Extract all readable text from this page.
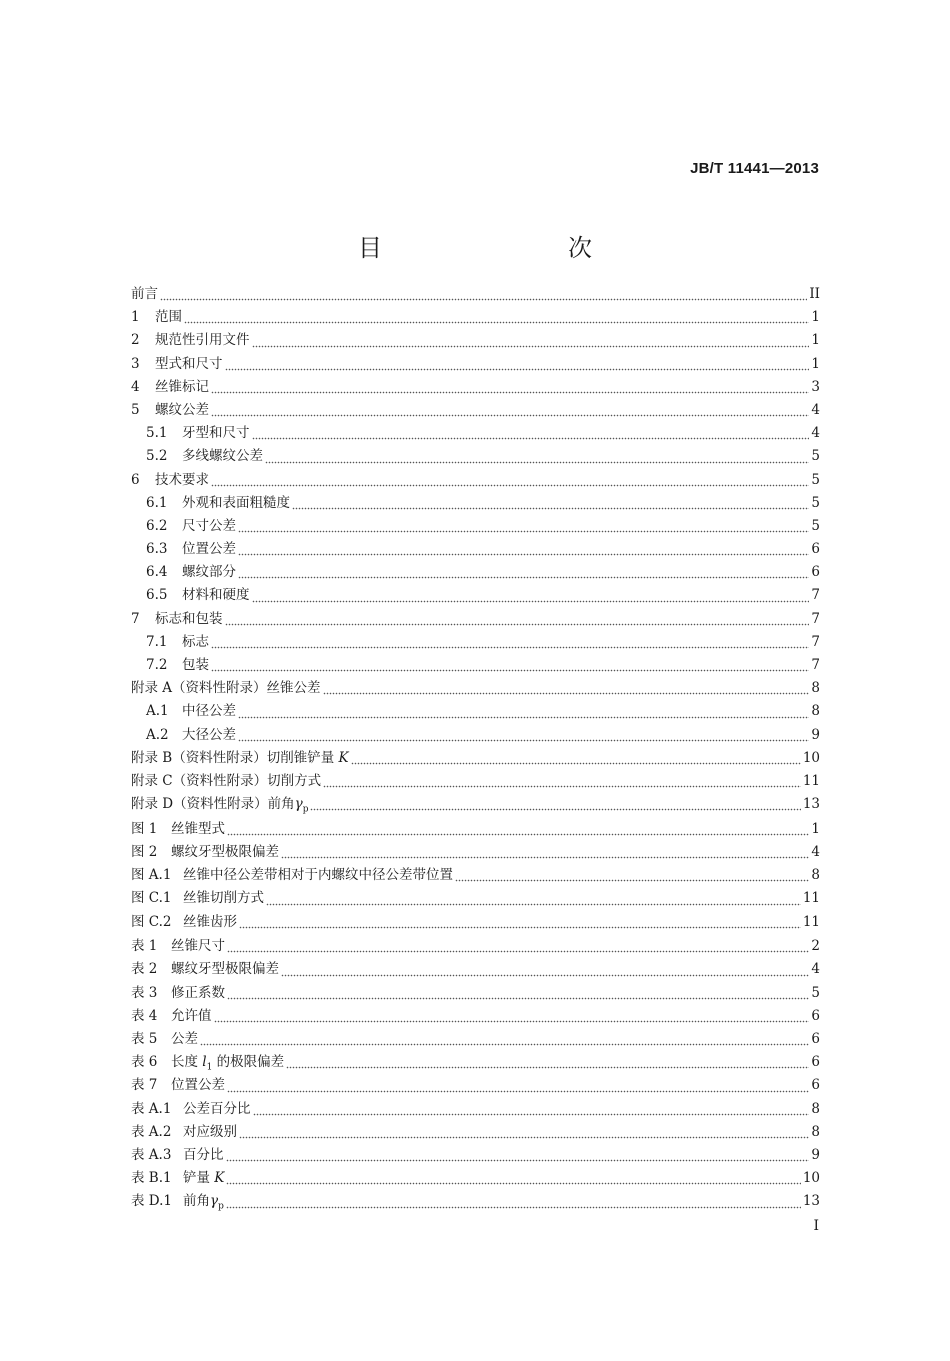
JB/T 11441—2013
目　　次
前言	II
1	范围	1
2	规范性引用文件	1
3	型式和尺寸	1
4	丝锥标记	3
5	螺纹公差	4
5.1	牙型和尺寸	4
5.2	多线螺纹公差	5
6	技术要求	5
6.1	外观和表面粗糙度	5
6.2	尺寸公差	5
6.3	位置公差	6
6.4	螺纹部分	6
6.5	材料和硬度	7
7	标志和包装	7
7.1	标志	7
7.2	包装	7
附录 A（资料性附录）丝锥公差	8
A.1 中径公差	8
A.2 大径公差	9
附录 B（资料性附录）切削锥铲量 K	10
附录 C（资料性附录）切削方式	11
附录 D（资料性附录）前角$\gamma_p$	13
图 1	丝锥型式	1
图 2	螺纹牙型极限偏差	4
图 A.1 丝锥中径公差带相对于内螺纹中径公差带位置	8
图 C.1 丝锥切削方式	11
图 C.2 丝锥齿形	11
表 1	丝锥尺寸	2
表 2	螺纹牙型极限偏差	4
表 3	修正系数	5
表 4	允许值	6
表 5	公差	6
表 6	长度 $l_1$ 的极限偏差	6
表 7	位置公差	6
表 A.1 公差百分比	8
表 A.2 对应级别	8
表 A.3 百分比	9
表 B.1 铲量 K	10
表 D.1 前角$\gamma_p$	13
I
